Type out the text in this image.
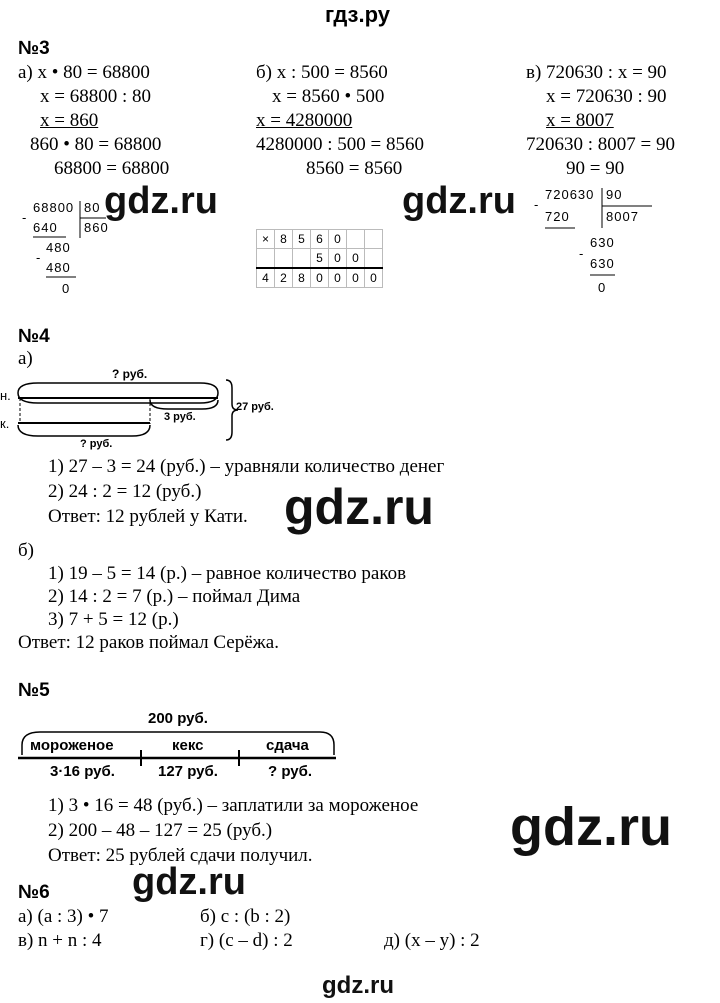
гдз.ру
№3
а) x • 80 = 68800
x = 68800 : 80
x = 860
860 • 80 = 68800
68800 = 68800
б) x : 500 = 8560
x = 8560 • 500
x = 4280000
4280000 : 500 = 8560
8560 = 8560
в) 720630 : x = 90
x = 720630 : 90
x = 8007
720630 : 8007 = 90
90 = 90
68800 80
860
-
640
480
-
480
0
×	8	5	6	0		
			5	0	0	
4	2	8	0	0	0	0
720630 90
8007
-
720
630
-
630
0
gdz.ru	gdz.ru
№4
а)
? руб.
н.
к.	3 руб.
27 руб.
? руб.
1) 27 – 3 = 24 (руб.) – уравняли количество денег
2) 24 : 2 = 12 (руб.)
Ответ: 12 рублей у Кати. gdz.ru
б)
1) 19 – 5 = 14 (р.) – равное количество раков
2) 14 : 2 = 7 (р.) – поймал Дима
3) 7 + 5 = 12 (р.)
Ответ: 12 раков поймал Серёжа.
№5
200 руб.
мороженое	кекс	сдача
3·16 руб.	127 руб.	? руб.
1) 3 • 16 = 48 (руб.) – заплатили за мороженое
2) 200 – 48 – 127 = 25 (руб.)
Ответ: 25 рублей сдачи получил.	gdz.ru
№6 gdz.ru
а) (a : 3) • 7	б) c : (b : 2)
в) n + n : 4	г) (c – d) : 2	д) (x – y) : 2
gdz.ru
